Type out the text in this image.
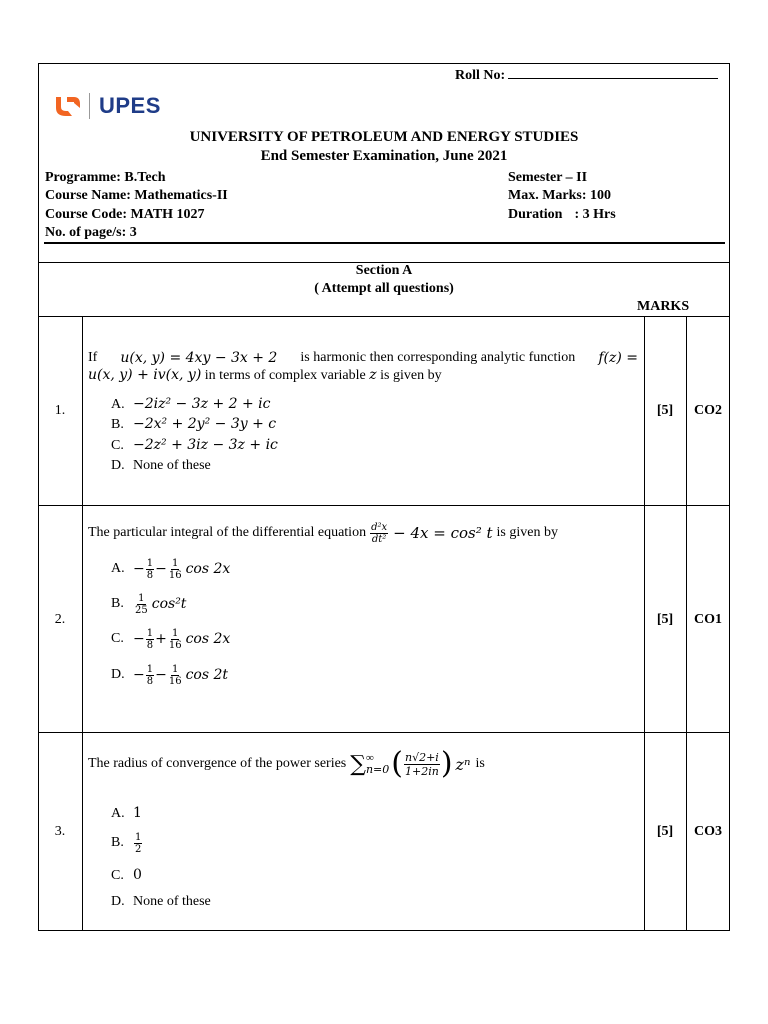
Roll No:
UPES
UNIVERSITY OF PETROLEUM AND ENERGY STUDIES
End Semester Examination, June 2021
Programme: B.Tech
Course Name: Mathematics-II
Course Code: MATH 1027
No. of page/s: 3
Semester – II
Max. Marks: 100
Duration : 3 Hrs
Section A
( Attempt all questions)
MARKS
1.
If u(x, y) = 4xy − 3x + 2 is harmonic then corresponding analytic function f(z) =
u(x, y) + iv(x, y) in terms of complex variable z is given by
A. −2iz² − 3z + 2 + ic
B. −2x² + 2y² − 3y + c
C. −2z² + 3iz − 3z + ic
D. None of these
[5]	CO2
2.
The particular integral of the differential equation $\frac{\text{d²x}}{\text{dt²}} - 4x = \cos^2$ t is given by
A. − $\frac{1}{8} - \frac{1}{16}$ cos 2x
B.	$\frac{1}{25} \cos^2t$
C. − $\frac{1}{8} + \frac{1}{16}$ cos 2x
D. − $\frac{1}{8} - \frac{1}{16}$ cos 2t
[5]	CO1
3.
The radius of convergence of the power series ∑ ∞
n=0 ( $\frac{n√2+i}{1+2in}$ ) zⁿ is
A. 1
B.	$\frac{1}{2}$
C. 0
D. None of these
[5]	CO3
